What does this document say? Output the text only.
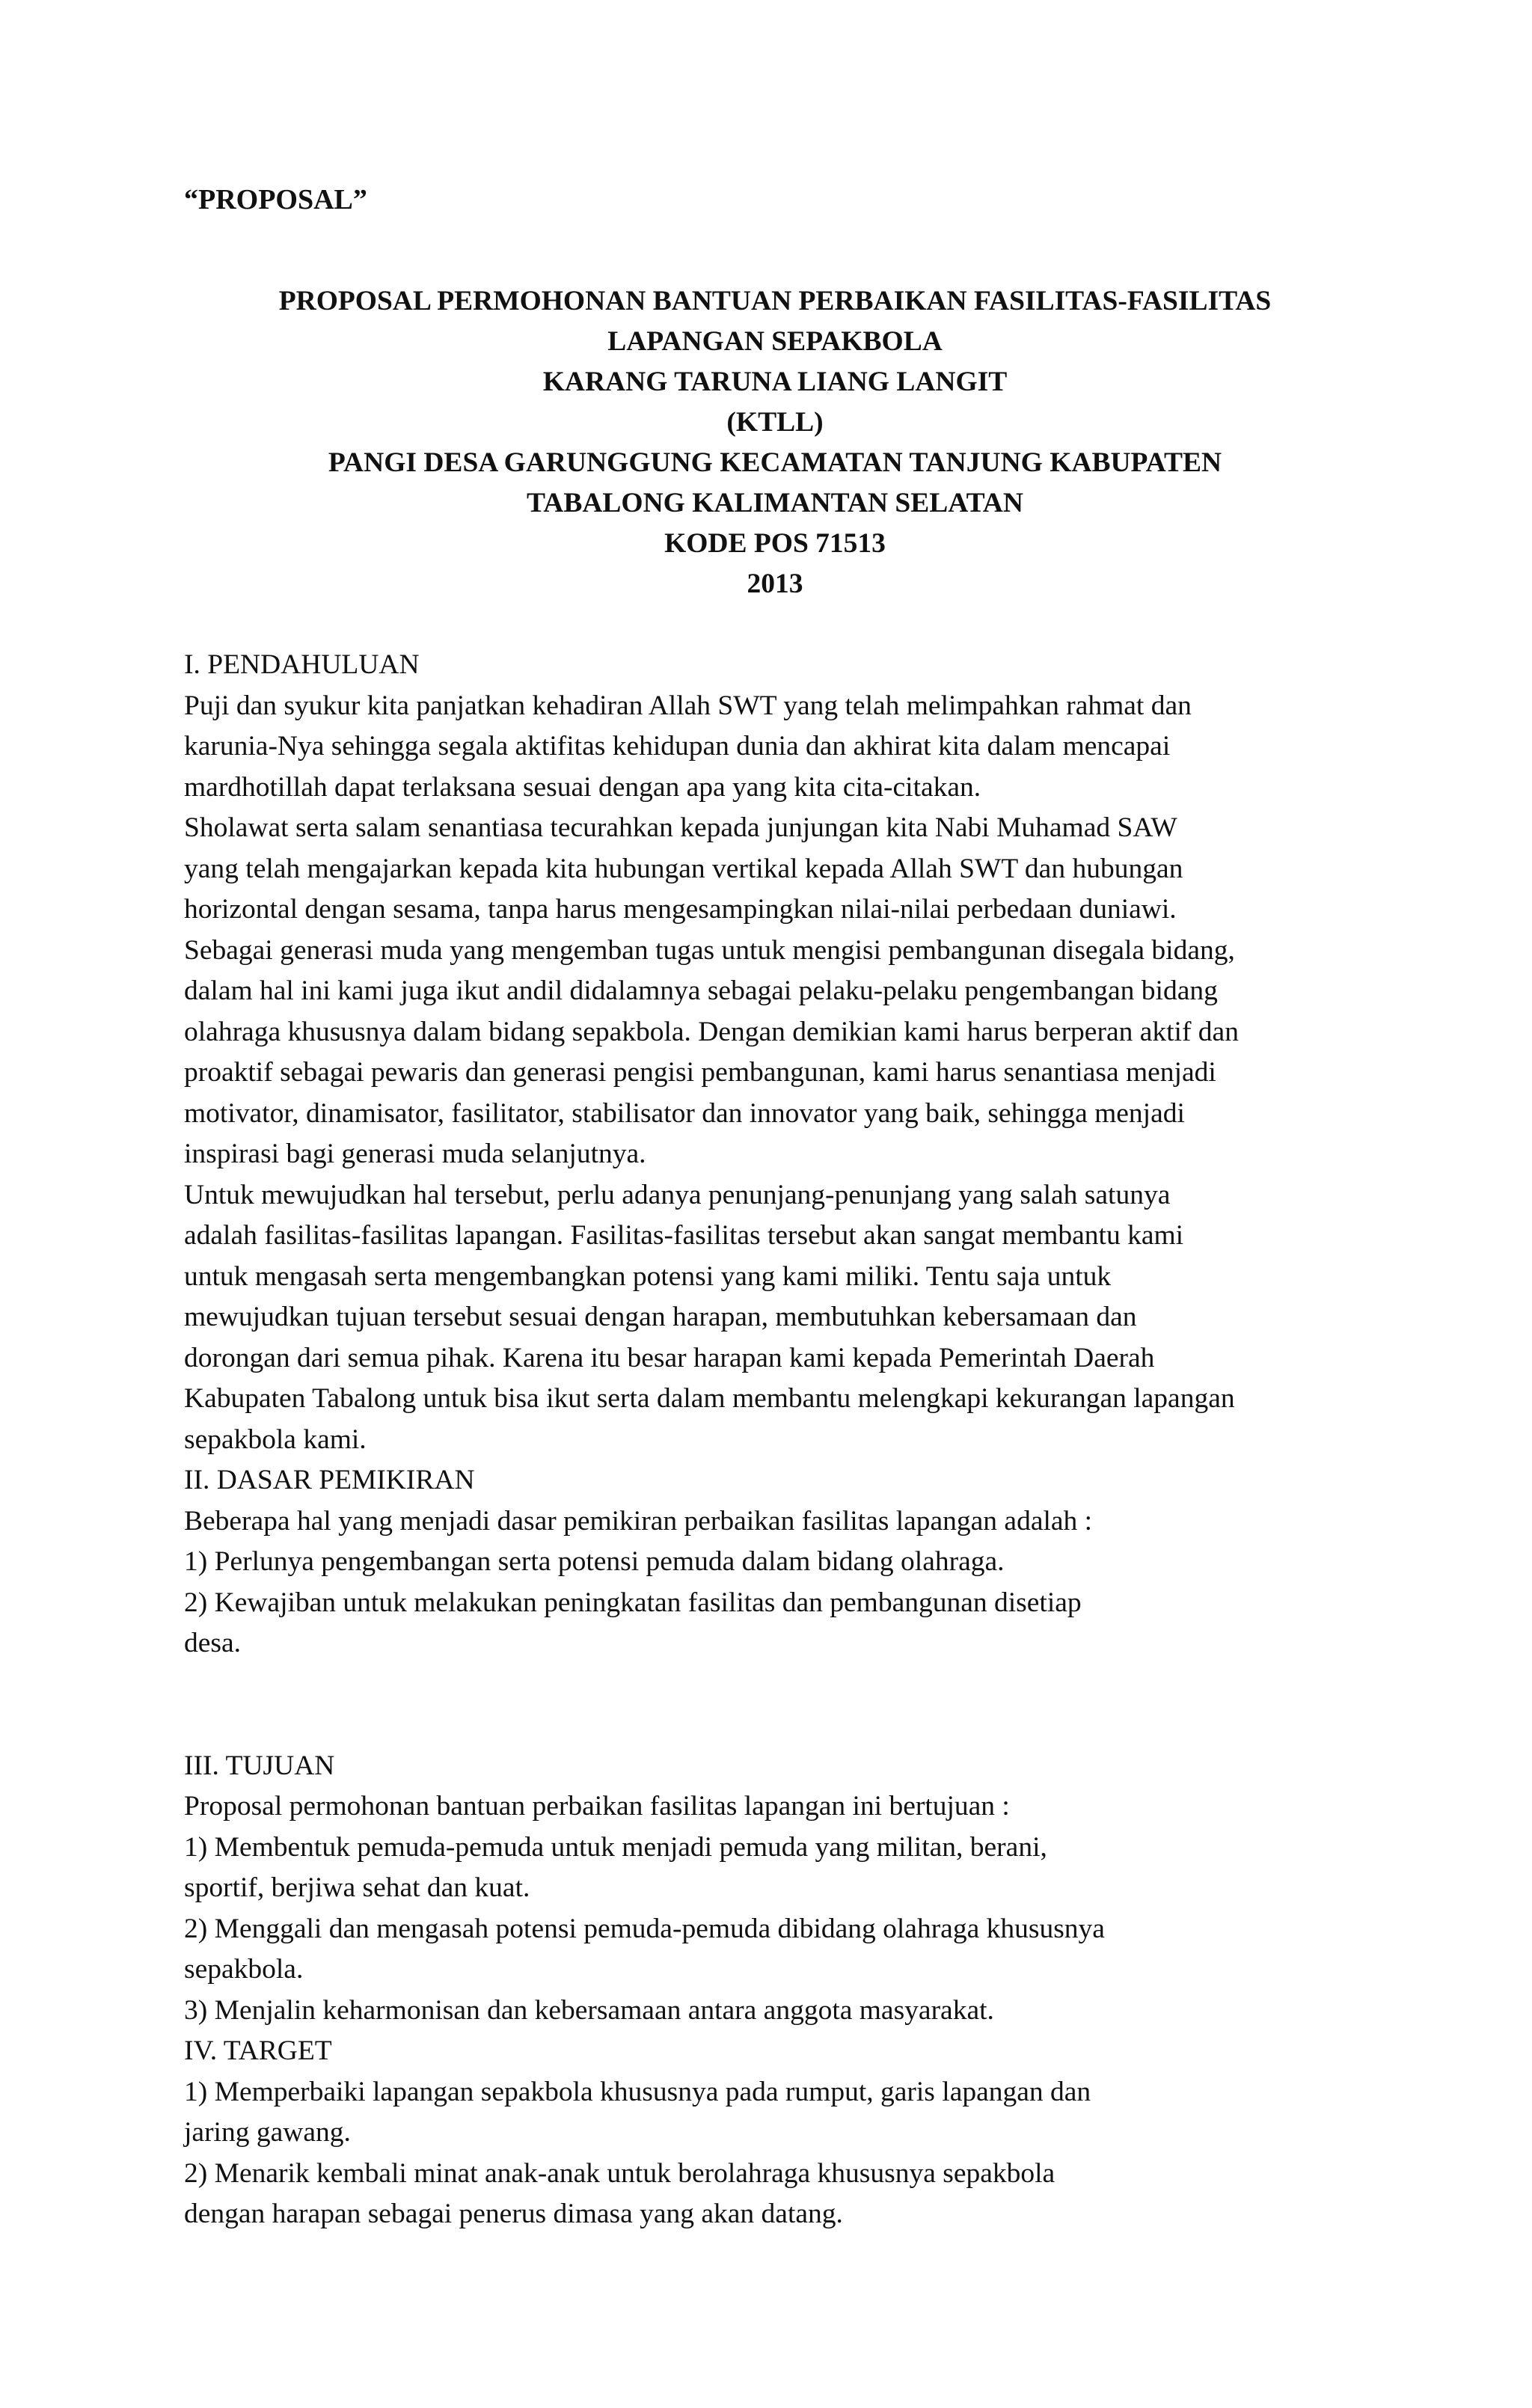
“PROPOSAL”
PROPOSAL PERMOHONAN BANTUAN PERBAIKAN FASILITAS-FASILITAS
LAPANGAN SEPAKBOLA
KARANG TARUNA LIANG LANGIT
(KTLL)
PANGI DESA GARUNGGUNG KECAMATAN TANJUNG KABUPATEN
TABALONG KALIMANTAN SELATAN
KODE POS 71513
2013
I. PENDAHULUAN
Puji dan syukur kita panjatkan kehadiran Allah SWT yang telah melimpahkan rahmat dan
karunia-Nya sehingga segala aktifitas kehidupan dunia dan akhirat kita dalam mencapai
mardhotillah dapat terlaksana sesuai dengan apa yang kita cita-citakan.
Sholawat serta salam senantiasa tecurahkan kepada junjungan kita Nabi Muhamad SAW
yang telah mengajarkan kepada kita hubungan vertikal kepada Allah SWT dan hubungan
horizontal dengan sesama, tanpa harus mengesampingkan nilai-nilai perbedaan duniawi.
Sebagai generasi muda yang mengemban tugas untuk mengisi pembangunan disegala bidang,
dalam hal ini kami juga ikut andil didalamnya sebagai pelaku-pelaku pengembangan bidang
olahraga khususnya dalam bidang sepakbola. Dengan demikian kami harus berperan aktif dan
proaktif sebagai pewaris dan generasi pengisi pembangunan, kami harus senantiasa menjadi
motivator, dinamisator, fasilitator, stabilisator dan innovator yang baik, sehingga menjadi
inspirasi bagi generasi muda selanjutnya.
Untuk mewujudkan hal tersebut, perlu adanya penunjang-penunjang yang salah satunya
adalah fasilitas-fasilitas lapangan. Fasilitas-fasilitas tersebut akan sangat membantu kami
untuk mengasah serta mengembangkan potensi yang kami miliki. Tentu saja untuk
mewujudkan tujuan tersebut sesuai dengan harapan, membutuhkan kebersamaan dan
dorongan dari semua pihak. Karena itu besar harapan kami kepada Pemerintah Daerah
Kabupaten Tabalong untuk bisa ikut serta dalam membantu melengkapi kekurangan lapangan
sepakbola kami.
II. DASAR PEMIKIRAN
Beberapa hal yang menjadi dasar pemikiran perbaikan fasilitas lapangan adalah :
1) Perlunya pengembangan serta potensi pemuda dalam bidang olahraga.
2) Kewajiban untuk melakukan peningkatan fasilitas dan pembangunan disetiap
desa.
III. TUJUAN
Proposal permohonan bantuan perbaikan fasilitas lapangan ini bertujuan :
1) Membentuk pemuda-pemuda untuk menjadi pemuda yang militan, berani,
sportif, berjiwa sehat dan kuat.
2) Menggali dan mengasah potensi pemuda-pemuda dibidang olahraga khususnya
sepakbola.
3) Menjalin keharmonisan dan kebersamaan antara anggota masyarakat.
IV. TARGET
1) Memperbaiki lapangan sepakbola khususnya pada rumput, garis lapangan dan
jaring gawang.
2) Menarik kembali minat anak-anak untuk berolahraga khususnya sepakbola
dengan harapan sebagai penerus dimasa yang akan datang.
